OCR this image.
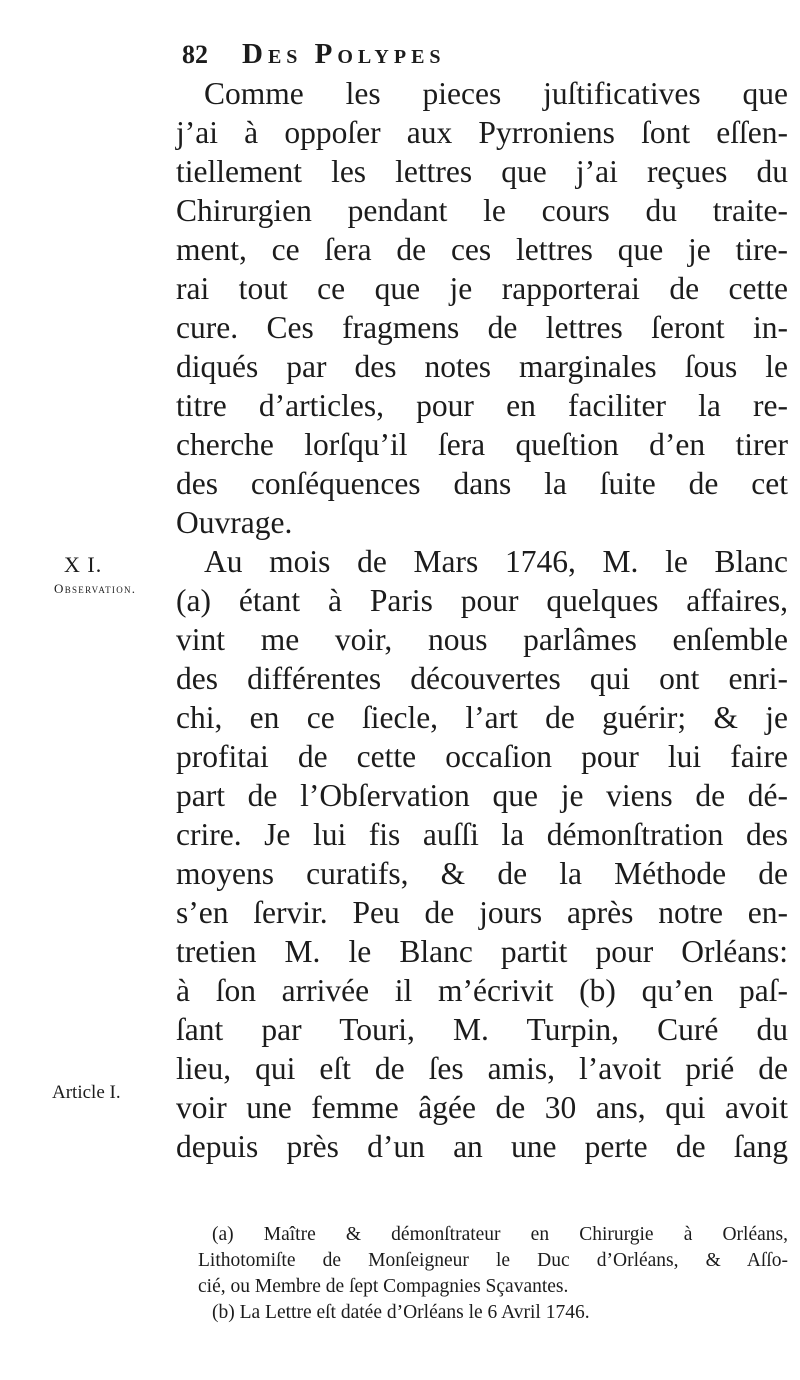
82	Des Polypes
X I.
Observation.
Article I.
Comme les pieces juſtificatives que
j’ai à oppoſer aux Pyrroniens ſont eſſen-
tiellement les lettres que j’ai reçues du
Chirurgien pendant le cours du traite-
ment, ce ſera de ces lettres que je tire-
rai tout ce que je rapporterai de cette
cure. Ces fragmens de lettres ſeront in-
diqués par des notes marginales ſous le
titre d’articles, pour en faciliter la re-
cherche lorſqu’il ſera queſtion d’en tirer
des conſéquences dans la ſuite de cet
Ouvrage.
Au mois de Mars 1746, M. le Blanc
(a) étant à Paris pour quelques affaires,
vint me voir, nous parlâmes enſemble
des différentes découvertes qui ont enri-
chi, en ce ſiecle, l’art de guérir; & je
profitai de cette occaſion pour lui faire
part de l’Obſervation que je viens de dé-
crire. Je lui fis auſſi la démonſtration des
moyens curatifs, & de la Méthode de
s’en ſervir. Peu de jours après notre en-
tretien M. le Blanc partit pour Orléans:
à ſon arrivée il m’écrivit (b) qu’en paſ-
ſant par Touri, M. Turpin, Curé du
lieu, qui eſt de ſes amis, l’avoit prié de
voir une femme âgée de 30 ans, qui avoit
depuis près d’un an une perte de ſang
(a) Maître & démonſtrateur en Chirurgie à Orléans,
Lithotomiſte de Monſeigneur le Duc d’Orléans, & Aſſo-
cié, ou Membre de ſept Compagnies Sçavantes.
(b) La Lettre eſt datée d’Orléans le 6 Avril 1746.
